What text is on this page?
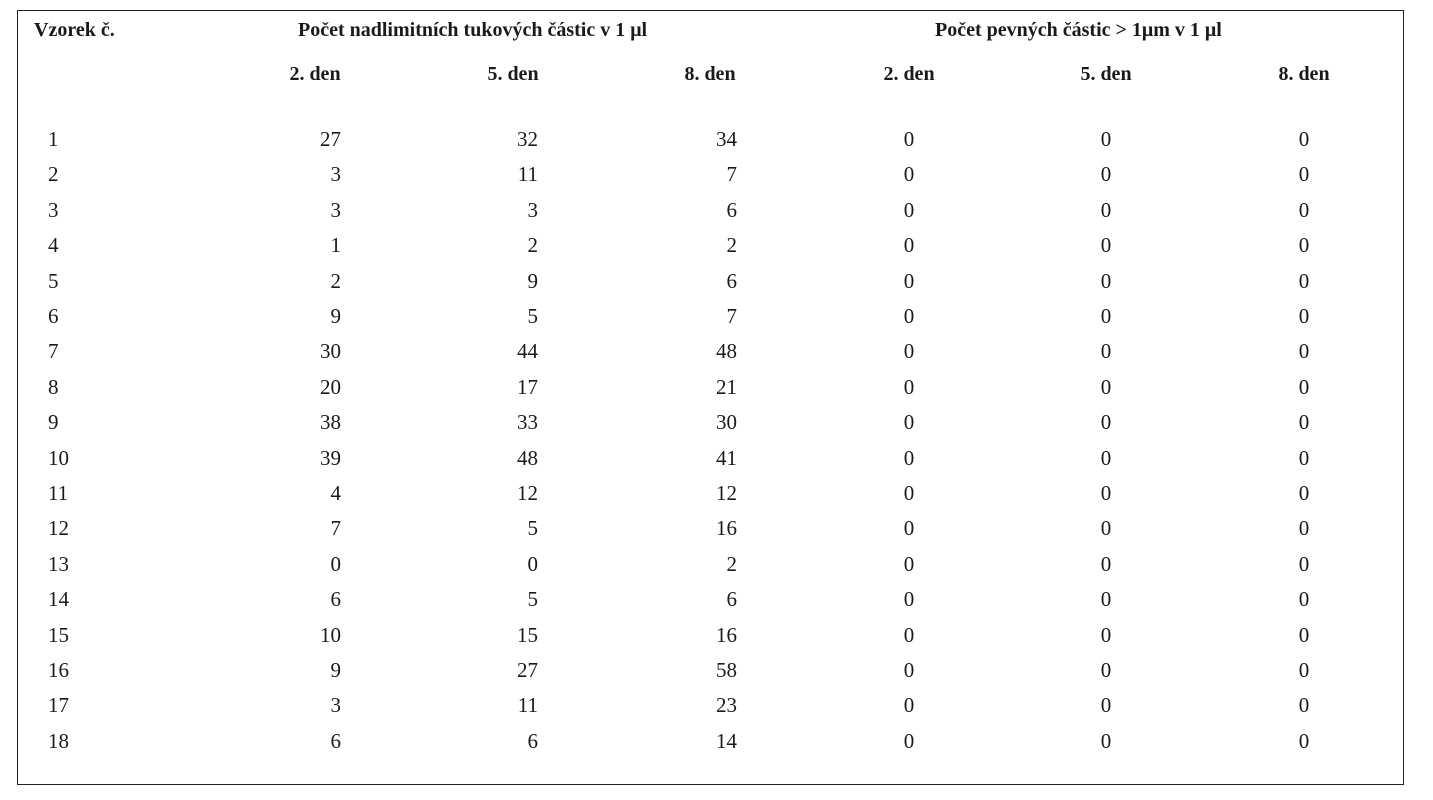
Vzorek č.	Počet nadlimitních tukových částic v 1 μl	Počet pevných částic > 1μm v 1 μl
2. den	5. den	8. den	2. den	5. den	8. den
1	27	32	34	0	0	0
2	3	11	7	0	0	0
3	3	3	6	0	0	0
4	1	2	2	0	0	0
5	2	9	6	0	0	0
6	9	5	7	0	0	0
7	30	44	48	0	0	0
8	20	17	21	0	0	0
9	38	33	30	0	0	0
10	39	48	41	0	0	0
11	4	12	12	0	0	0
12	7	5	16	0	0	0
13	0	0	2	0	0	0
14	6	5	6	0	0	0
15	10	15	16	0	0	0
16	9	27	58	0	0	0
17	3	11	23	0	0	0
18	6	6	14	0	0	0
